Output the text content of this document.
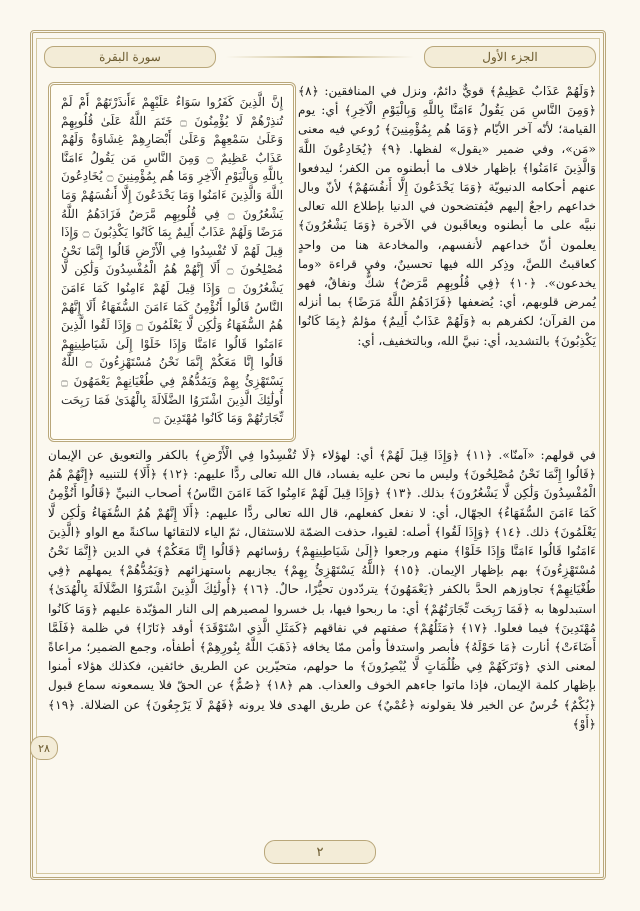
الجزء الأول
سورة البقرة

﴿وَلَهُمْ عَذَابٌ عَظِيمٌ﴾ قويٌّ دائمٌ، ونزل في المنافقين: ﴿٨﴾ ﴿وَمِنَ النَّاسِ مَن يَقُولُ ءَامَنَّا بِاللَّهِ وَبِالْيَوْمِ الْآخِرِ﴾ أي: يوم القيامة؛ لأنّه آخر الأيّام ﴿وَمَا هُم بِمُؤْمِنِينَ﴾ رُوعي فيه معنى «مَن»، وفي ضمير «يقول» لفظها. ﴿٩﴾ ﴿يُخَادِعُونَ اللَّهَ وَالَّذِينَ ءَامَنُوا﴾ بإظهار خلاف ما أبطنوه من الكفر؛ ليدفعوا عنهم أحكامه الدنيويّة ﴿وَمَا يَخْدَعُونَ إِلَّا أَنفُسَهُمْ﴾ لأنّ وبال خداعهم راجعٌ إليهم فيُفتضحون في الدنيا بإطلاع الله تعالى نبيَّه على ما أبطنوه ويعاقَبون في الآخرة ﴿وَمَا يَشْعُرُونَ﴾ يعلمون أنّ خداعهم لأنفسهم، والمخادعة هنا من واحدٍ كعاقبتُ اللصَّ، وذِكر الله فيها تحسينٌ، وفي قراءة «وما يخدعون». ﴿١٠﴾ ﴿فِي قُلُوبِهِم مَّرَضٌ﴾ شكٌّ ونفاقٌ، فهو يُمرض قلوبهم، أي: يُضعفها ﴿فَزَادَهُمُ اللَّهُ مَرَضًا﴾ بما أنزله من القرآن؛ لكفرهم به ﴿وَلَهُمْ عَذَابٌ أَلِيمٌ﴾ مؤلمٌ ﴿بِمَا كَانُوا يَكْذِبُونَ﴾ بالتشديد، أي: نبيَّ الله، وبالتخفيف، أي:

إِنَّ الَّذِينَ كَفَرُوا سَوَاءٌ عَلَيْهِمْ ءَأَنذَرْتَهُمْ أَمْ لَمْ تُنذِرْهُمْ لَا يُؤْمِنُونَ ۝ خَتَمَ اللَّهُ عَلَىٰ قُلُوبِهِمْ وَعَلَىٰ سَمْعِهِمْ وَعَلَىٰ أَبْصَارِهِمْ غِشَاوَةٌ وَلَهُمْ عَذَابٌ عَظِيمٌ ۝ وَمِنَ النَّاسِ مَن يَقُولُ ءَامَنَّا بِاللَّهِ وَبِالْيَوْمِ الْآخِرِ وَمَا هُم بِمُؤْمِنِينَ ۝ يُخَادِعُونَ اللَّهَ وَالَّذِينَ ءَامَنُوا وَمَا يَخْدَعُونَ إِلَّا أَنفُسَهُمْ وَمَا يَشْعُرُونَ ۝ فِي قُلُوبِهِم مَّرَضٌ فَزَادَهُمُ اللَّهُ مَرَضًا وَلَهُمْ عَذَابٌ أَلِيمٌ بِمَا كَانُوا يَكْذِبُونَ ۝ وَإِذَا قِيلَ لَهُمْ لَا تُفْسِدُوا فِي الْأَرْضِ قَالُوا إِنَّمَا نَحْنُ مُصْلِحُونَ ۝ أَلَا إِنَّهُمْ هُمُ الْمُفْسِدُونَ وَلَٰكِن لَّا يَشْعُرُونَ ۝ وَإِذَا قِيلَ لَهُمْ ءَامِنُوا كَمَا ءَامَنَ النَّاسُ قَالُوا أَنُؤْمِنُ كَمَا ءَامَنَ السُّفَهَاءُ أَلَا إِنَّهُمْ هُمُ السُّفَهَاءُ وَلَٰكِن لَّا يَعْلَمُونَ ۝ وَإِذَا لَقُوا الَّذِينَ ءَامَنُوا قَالُوا ءَامَنَّا وَإِذَا خَلَوْا إِلَىٰ شَيَاطِينِهِمْ قَالُوا إِنَّا مَعَكُمْ إِنَّمَا نَحْنُ مُسْتَهْزِءُونَ ۝ اللَّهُ يَسْتَهْزِئُ بِهِمْ وَيَمُدُّهُمْ فِي طُغْيَانِهِمْ يَعْمَهُونَ ۝ أُولَٰئِكَ الَّذِينَ اشْتَرَوُا الضَّلَالَةَ بِالْهُدَىٰ فَمَا رَبِحَت تِّجَارَتُهُمْ وَمَا كَانُوا مُهْتَدِينَ ۝

في قولهم: «آمنّا». ﴿١١﴾ ﴿وَإِذَا قِيلَ لَهُمْ﴾ أي: لهؤلاء ﴿لَا تُفْسِدُوا فِي الْأَرْضِ﴾ بالكفر والتعويق عن الإيمان ﴿قَالُوا إِنَّمَا نَحْنُ مُصْلِحُونَ﴾ وليس ما نحن عليه بفساد، قال الله تعالى ردًّا عليهم: ﴿١٢﴾ ﴿أَلَا﴾ للتنبيه ﴿إِنَّهُمْ هُمُ الْمُفْسِدُونَ وَلَٰكِن لَّا يَشْعُرُونَ﴾ بذلك. ﴿١٣﴾ ﴿وَإِذَا قِيلَ لَهُمْ ءَامِنُوا كَمَا ءَامَنَ النَّاسُ﴾ أصحاب النبيِّ ﴿قَالُوا أَنُؤْمِنُ كَمَا ءَامَنَ السُّفَهَاءُ﴾ الجهّال، أي: لا نفعل كفعلهم، قال الله تعالى ردًّا عليهم: ﴿أَلَا إِنَّهُمْ هُمُ السُّفَهَاءُ وَلَٰكِن لَّا يَعْلَمُونَ﴾ ذلك. ﴿١٤﴾ ﴿وَإِذَا لَقُوا﴾ أصله: لقيوا، حذفت الضمّة للاستثقال، ثمّ الياء لالتقائها ساكنةً مع الواو ﴿الَّذِينَ ءَامَنُوا قَالُوا ءَامَنَّا وَإِذَا خَلَوْا﴾ منهم ورجعوا ﴿إِلَىٰ شَيَاطِينِهِمْ﴾ رؤسائهم ﴿قَالُوا إِنَّا مَعَكُمْ﴾ في الدين ﴿إِنَّمَا نَحْنُ مُسْتَهْزِءُونَ﴾ بهم بإظهار الإيمان. ﴿١٥﴾ ﴿اللَّهُ يَسْتَهْزِئُ بِهِمْ﴾ يجازيهم باستهزائهم ﴿وَيَمُدُّهُمْ﴾ يمهلهم ﴿فِي طُغْيَانِهِمْ﴾ تجاوزهم الحدَّ بالكفر ﴿يَعْمَهُونَ﴾ يتردّدون تحيُّرًا، حالٌ. ﴿١٦﴾ ﴿أُولَٰئِكَ الَّذِينَ اشْتَرَوُا الضَّلَالَةَ بِالْهُدَىٰ﴾ استبدلوها به ﴿فَمَا رَبِحَت تِّجَارَتُهُمْ﴾ أي: ما ربحوا فيها، بل خسروا لمصيرهم إلى النار المؤبّدة عليهم ﴿وَمَا كَانُوا مُهْتَدِينَ﴾ فيما فعلوا. ﴿١٧﴾ ﴿مَثَلُهُمْ﴾ صفتهم في نفاقهم ﴿كَمَثَلِ الَّذِي اسْتَوْقَدَ﴾ أوقد ﴿نَارًا﴾ في ظلمة ﴿فَلَمَّا أَضَاءَتْ﴾ أنارت ﴿مَا حَوْلَهُ﴾ فأبصر واستدفأ وأمن ممّا يخافه ﴿ذَهَبَ اللَّهُ بِنُورِهِمْ﴾ أطفأه، وجمع الضمير؛ مراعاةً لمعنى الذي ﴿وَتَرَكَهُمْ فِي ظُلُمَاتٍ لَّا يُبْصِرُونَ﴾ ما حولهم، متحيّرين عن الطريق خائفين، فكذلك هؤلاء أمنوا بإظهار كلمة الإيمان، فإذا ماتوا جاءهم الخوف والعذاب. هم ﴿١٨﴾ ﴿صُمٌّ﴾ عن الحقّ فلا يسمعونه سماع قبول ﴿بُكْمٌ﴾ خُرسٌ عن الخير فلا يقولونه ﴿عُمْيٌ﴾ عن طريق الهدى فلا يرونه ﴿فَهُمْ لَا يَرْجِعُونَ﴾ عن الضلالة. ﴿١٩﴾ ﴿أَوْ﴾

٢٨
٢
